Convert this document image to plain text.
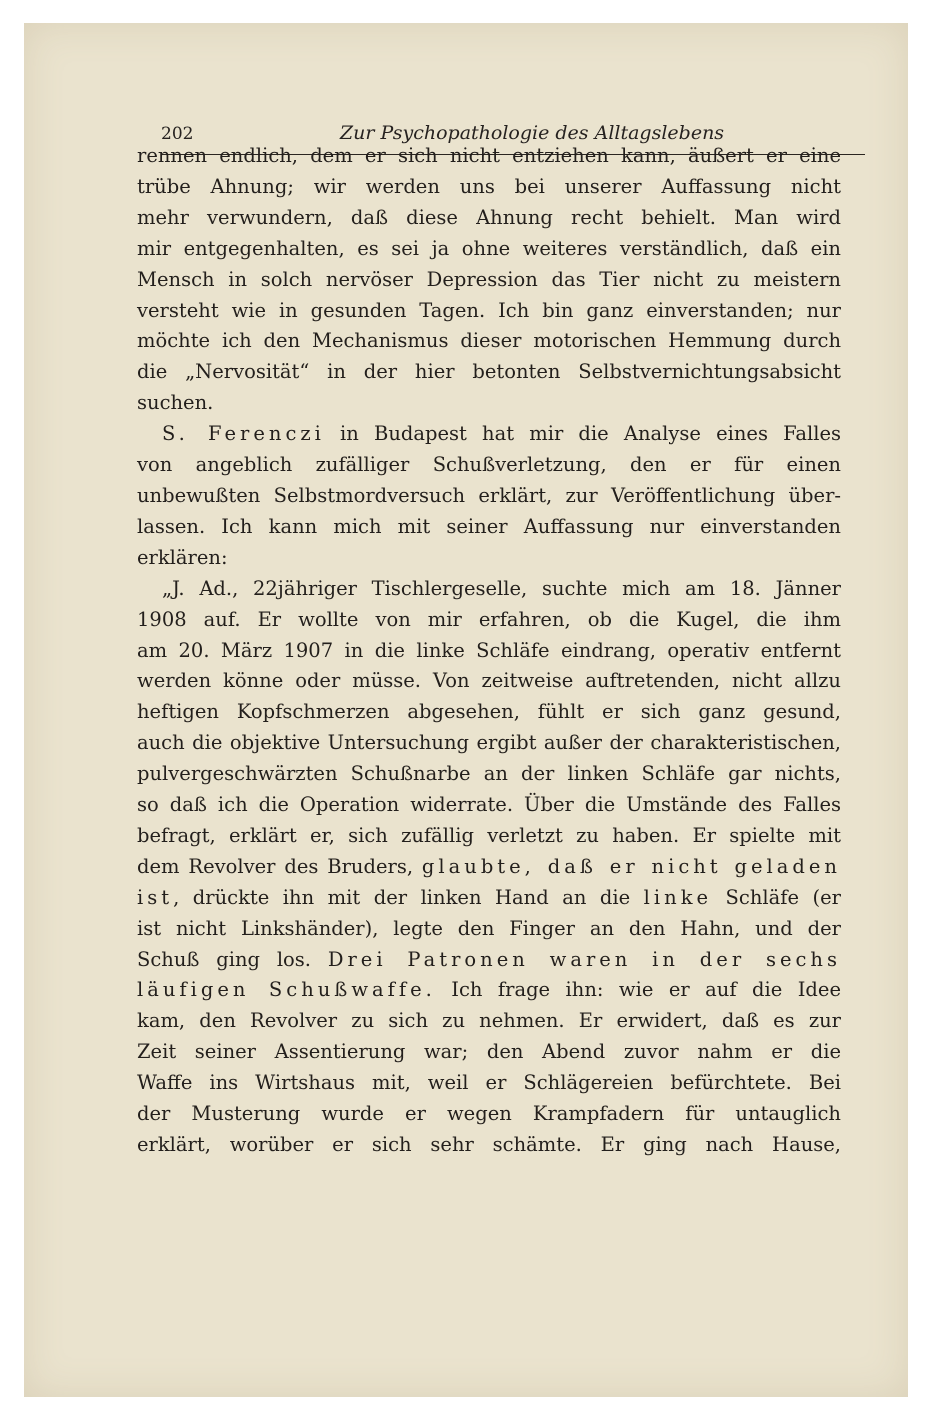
202	Zur Psychopathologie des Alltagslebens

rennen endlich, dem er sich nicht entziehen kann, äußert er eine
trübe Ahnung; wir werden uns bei unserer Auffassung nicht
mehr verwundern, daß diese Ahnung recht behielt. Man wird
mir entgegenhalten, es sei ja ohne weiteres verständlich, daß ein
Mensch in solch nervöser Depression das Tier nicht zu meistern
versteht wie in gesunden Tagen. Ich bin ganz einverstanden; nur
möchte ich den Mechanismus dieser motorischen Hemmung durch
die „Nervosität“ in der hier betonten Selbstvernichtungsabsicht
suchen.

S. Ferenczi in Budapest hat mir die Analyse eines Falles
von angeblich zufälliger Schußverletzung, den er für einen
unbewußten Selbstmordversuch erklärt, zur Veröffentlichung über-
lassen. Ich kann mich mit seiner Auffassung nur einverstanden
erklären:

„J. Ad., 22jähriger Tischlergeselle, suchte mich am 18. Jänner
1908 auf. Er wollte von mir erfahren, ob die Kugel, die ihm
am 20. März 1907 in die linke Schläfe eindrang, operativ entfernt
werden könne oder müsse. Von zeitweise auftretenden, nicht allzu
heftigen Kopfschmerzen abgesehen, fühlt er sich ganz gesund,
auch die objektive Untersuchung ergibt außer der charakteristischen,
pulvergeschwärzten Schußnarbe an der linken Schläfe gar nichts,
so daß ich die Operation widerrate. Über die Umstände des Falles
befragt, erklärt er, sich zufällig verletzt zu haben. Er spielte mit
dem Revolver des Bruders, glaubte, daß er nicht geladen
ist, drückte ihn mit der linken Hand an die linke Schläfe (er
ist nicht Linkshänder), legte den Finger an den Hahn, und der
Schuß ging los. Drei Patronen waren in der sechs
läufigen Schußwaffe. Ich frage ihn: wie er auf die Idee
kam, den Revolver zu sich zu nehmen. Er erwidert, daß es zur
Zeit seiner Assentierung war; den Abend zuvor nahm er die
Waffe ins Wirtshaus mit, weil er Schlägereien befürchtete. Bei
der Musterung wurde er wegen Krampfadern für untauglich
erklärt, worüber er sich sehr schämte. Er ging nach Hause,
